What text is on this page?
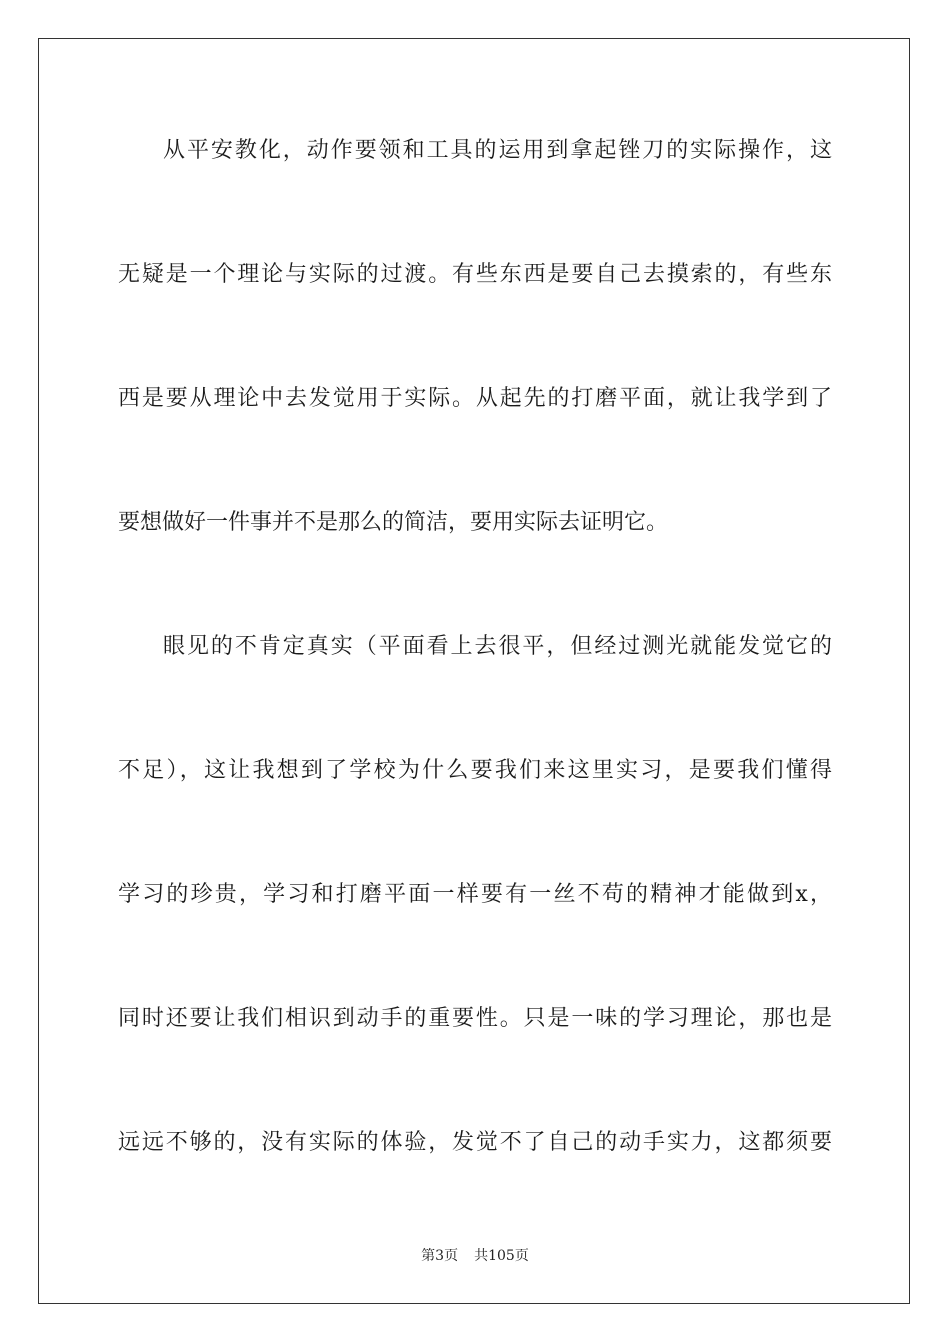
从平安教化，动作要领和工具的运用到拿起锉刀的实际操作，这
无疑是一个理论与实际的过渡。有些东西是要自己去摸索的，有些东
西是要从理论中去发觉用于实际。从起先的打磨平面，就让我学到了
要想做好一件事并不是那么的简洁，要用实际去证明它。
眼见的不肯定真实（平面看上去很平，但经过测光就能发觉它的
不足），这让我想到了学校为什么要我们来这里实习，是要我们懂得
学习的珍贵，学习和打磨平面一样要有一丝不苟的精神才能做到x，
同时还要让我们相识到动手的重要性。只是一味的学习理论，那也是
远远不够的，没有实际的体验，发觉不了自己的动手实力，这都须要
第3页 共105页
